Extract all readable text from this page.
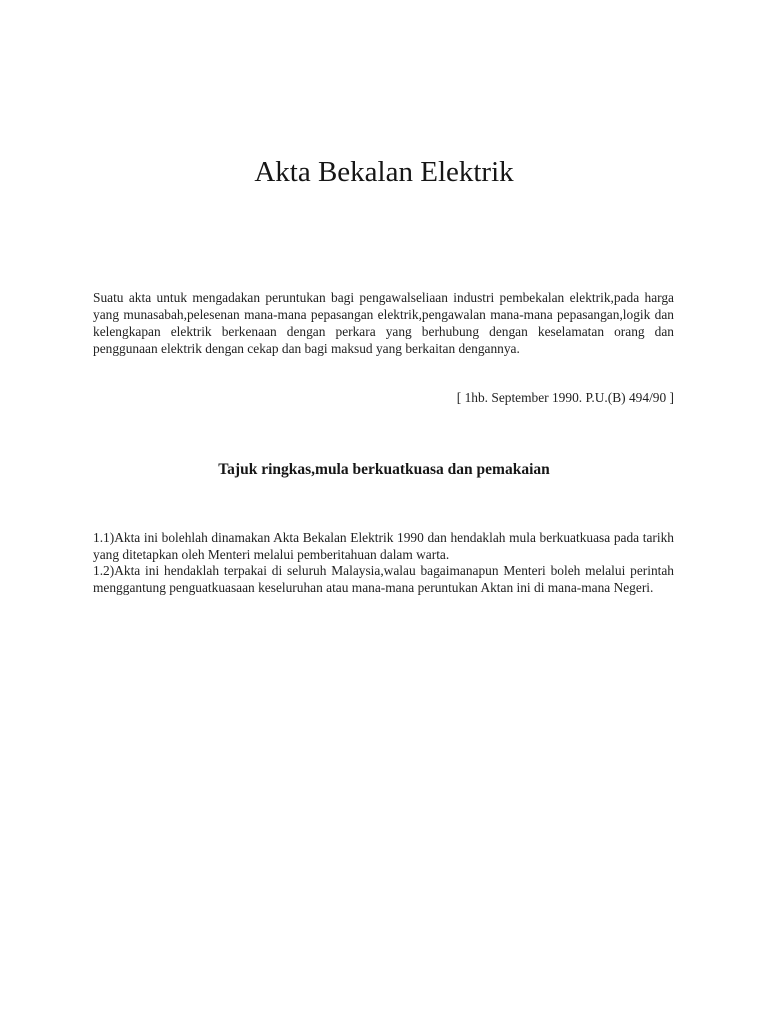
Akta Bekalan Elektrik

Suatu akta untuk mengadakan peruntukan bagi pengawalseliaan industri pembekalan elektrik,pada harga yang munasabah,pelesenan mana-mana pepasangan elektrik,pengawalan mana-mana pepasangan,logik dan kelengkapan elektrik berkenaan dengan perkara yang berhubung dengan keselamatan orang dan penggunaan elektrik dengan cekap dan bagi maksud yang berkaitan dengannya.

[ 1hb. September 1990. P.U.(B) 494/90 ]

Tajuk ringkas,mula berkuatkuasa dan pemakaian

1.1)Akta ini bolehlah dinamakan Akta Bekalan Elektrik 1990 dan hendaklah mula berkuatkuasa pada tarikh yang ditetapkan oleh Menteri melalui pemberitahuan dalam warta.

1.2)Akta ini hendaklah terpakai di seluruh Malaysia,walau bagaimanapun Menteri boleh melalui perintah menggantung penguatkuasaan keseluruhan atau mana-mana peruntukan Aktan ini di mana-mana Negeri.
